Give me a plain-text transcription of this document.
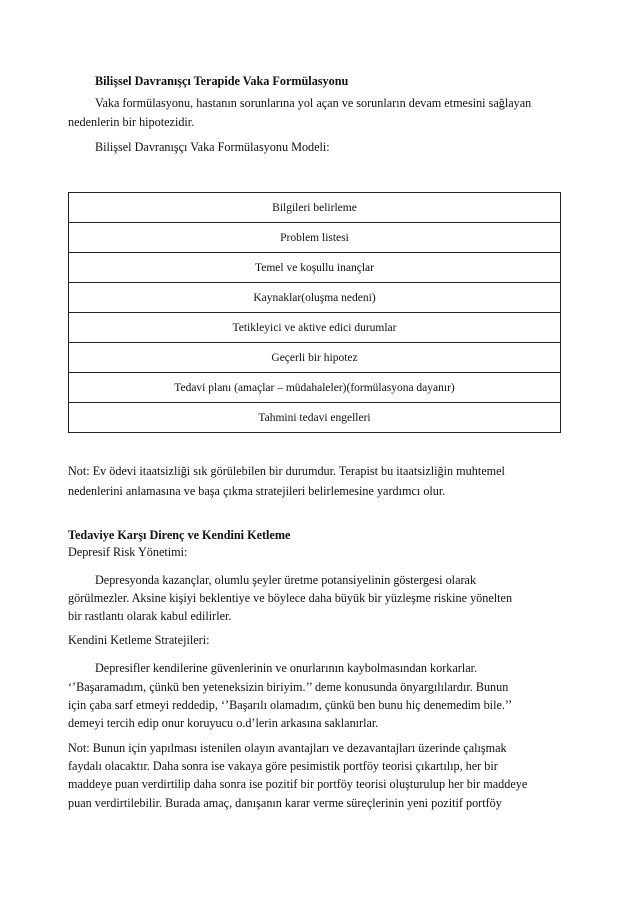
Bilişsel Davranışçı Terapide Vaka Formülasyonu
Vaka formülasyonu, hastanın sorunlarına yol açan ve sorunların devam etmesini sağlayan
nedenlerin bir hipotezidir.
Bilişsel Davranışçı Vaka Formülasyonu Modeli:
Bilgileri belirleme
Problem listesi
Temel ve koşullu inançlar
Kaynaklar(oluşma nedeni)
Tetikleyici ve aktive edici durumlar
Geçerli bir hipotez
Tedavi planı (amaçlar – müdahaleler)(formülasyona dayanır)
Tahmini tedavi engelleri
Not: Ev ödevi itaatsizliği sık görülebilen bir durumdur. Terapist bu itaatsizliğin muhtemel
nedenlerini anlamasına ve başa çıkma stratejileri belirlemesine yardımcı olur.
Tedaviye Karşı Direnç ve Kendini Ketleme
Depresif Risk Yönetimi:
Depresyonda kazançlar, olumlu şeyler üretme potansiyelinin göstergesi olarak
görülmezler. Aksine kişiyi beklentiye ve böylece daha büyük bir yüzleşme riskine yönelten
bir rastlantı olarak kabul edilirler.
Kendini Ketleme Stratejileri:
Depresifler kendilerine güvenlerinin ve onurlarının kaybolmasından korkarlar.
‘’Başaramadım, çünkü ben yeteneksizin biriyim.’’ deme konusunda önyargılılardır. Bunun
için çaba sarf etmeyi reddedip, ‘’Başarılı olamadım, çünkü ben bunu hiç denemedim bile.’’
demeyi tercih edip onur koruyucu o.d’lerin arkasına saklanırlar.
Not: Bunun için yapılması istenilen olayın avantajları ve dezavantajları üzerinde çalışmak
faydalı olacaktır. Daha sonra ise vakaya göre pesimistik portföy teorisi çıkartılıp, her bir
maddeye puan verdirtilip daha sonra ise pozitif bir portföy teorisi oluşturulup her bir maddeye
puan verdirtilebilir. Burada amaç, danışanın karar verme süreçlerinin yeni pozitif portföy
